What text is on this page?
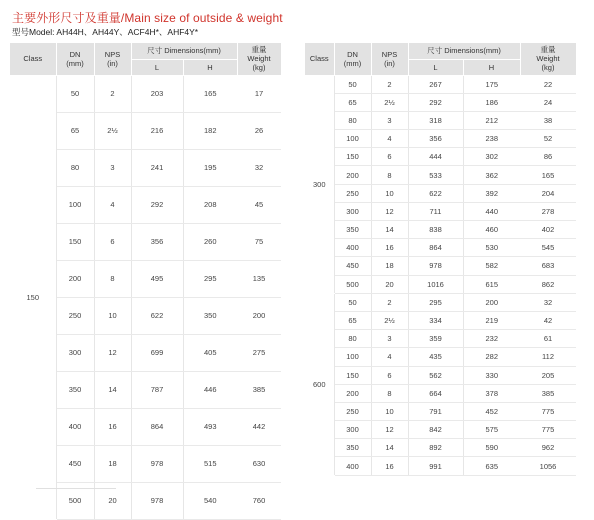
主要外形尺寸及重量/Main size of outside & weight
型号Model: AH44H、AH44Y、ACF4H*、AHF4Y*
Class	DN
(mm)	NPS
(in)	尺寸 Dimensions(mm)		重量
Weight
(kg)
			L	H	
150	50	2	203	165	17
	65	2½	216	182	26
	80	3	241	195	32
	100	4	292	208	45
	150	6	356	260	75
	200	8	495	295	135
	250	10	622	350	200
	300	12	699	405	275
	350	14	787	446	385
	400	16	864	493	442
	450	18	978	515	630
	500	20	978	540	760
Class	DN
(mm)	NPS
(in)	尺寸 Dimensions(mm)		重量
Weight
(kg)
			L	H	
300	50	2	267	175	22
	65	2½	292	186	24
	80	3	318	212	38
	100	4	356	238	52
	150	6	444	302	86
	200	8	533	362	165
	250	10	622	392	204
	300	12	711	440	278
	350	14	838	460	402
	400	16	864	530	545
	450	18	978	582	683
	500	20	1016	615	862
600	50	2	295	200	32
	65	2½	334	219	42
	80	3	359	232	61
	100	4	435	282	112
	150	6	562	330	205
	200	8	664	378	385
	250	10	791	452	775
	300	12	842	575	775
	350	14	892	590	962
	400	16	991	635	1056
